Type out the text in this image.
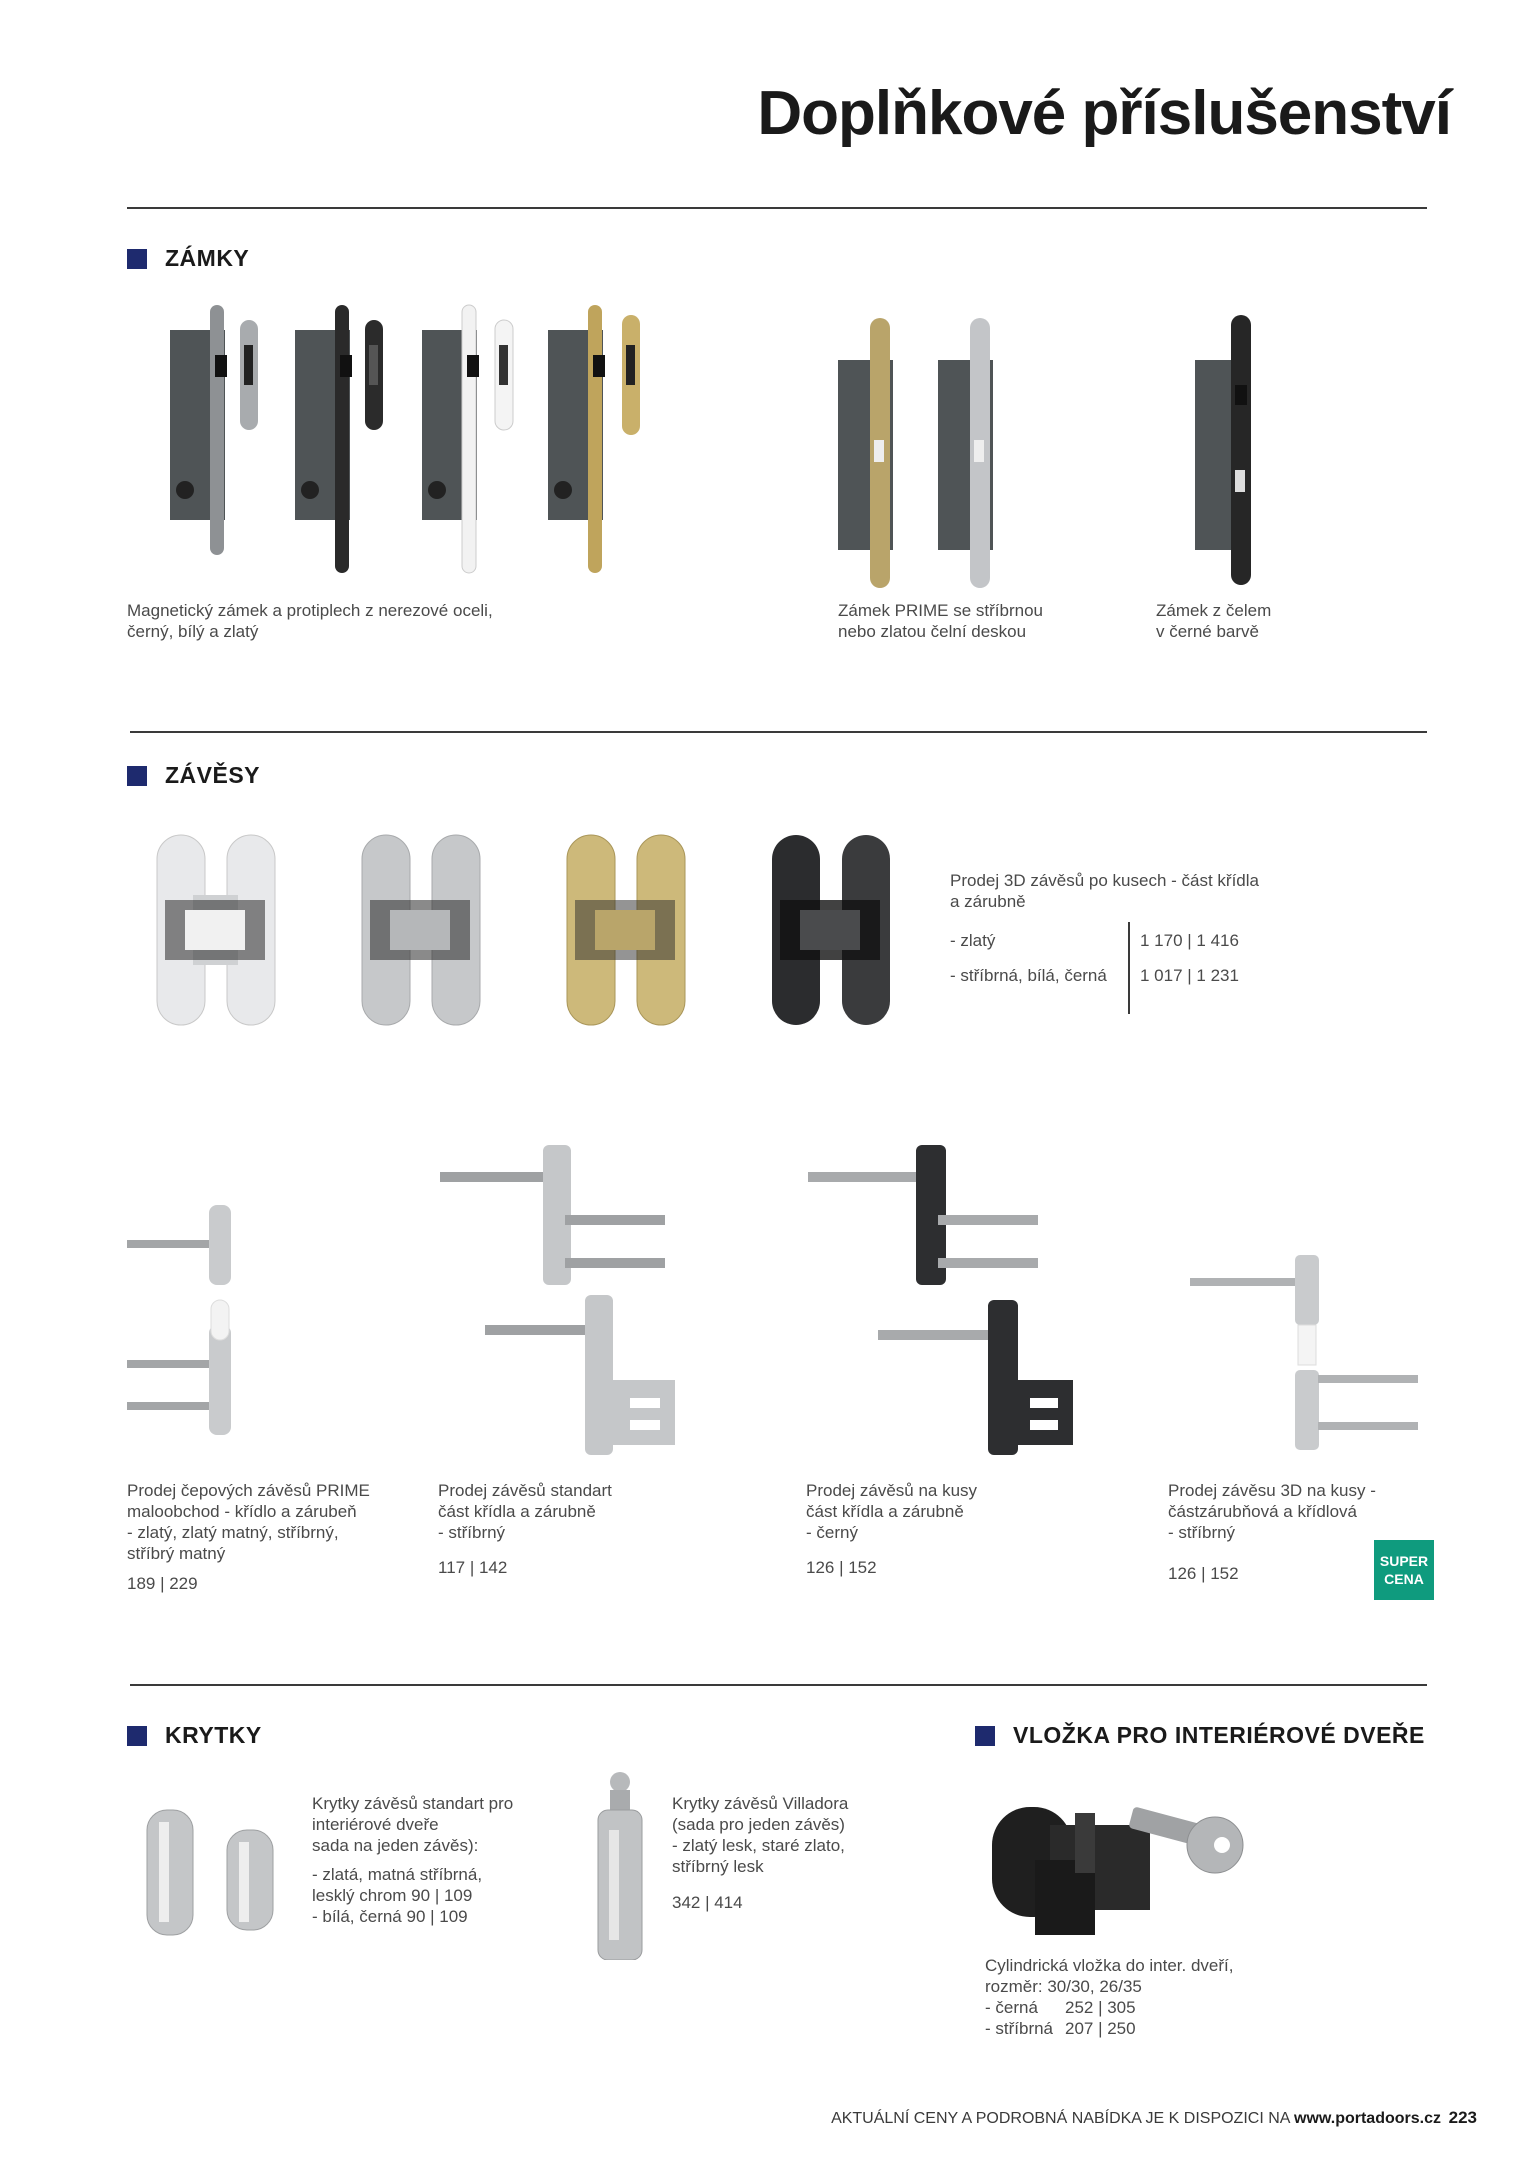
Doplňkové příslušenství
ZÁMKY
Magnetický zámek a protiplech z nerezové oceli,
černý, bílý a zlatý
Zámek PRIME se stříbrnou
nebo zlatou čelní deskou
Zámek z čelem
v černé barvě
ZÁVĚSY
Prodej 3D závěsů po kusech - část křídla
a zárubně
- zlatý	1 170 | 1 416
- stříbrná, bílá, černá 1 017 | 1 231
Prodej čepových závěsů PRIME
maloobchod - křídlo a zárubeň
- zlatý, zlatý matný, stříbrný,
stříbrý matný
189 | 229
Prodej závěsů standart
část křídla a zárubně
- stříbrný
117 | 142
Prodej závěsů na kusy
část křídla a zárubně
- černý
126 | 152
Prodej závěsu 3D na kusy -
částzárubňová a křídlová
- stříbrný
126 | 152
SUPER
CENA
KRYTKY	VLOŽKA PRO INTERIÉROVÉ DVEŘE
Krytky závěsů standart pro
interiérové dveře
sada na jeden závěs):
- zlatá, matná stříbrná,
lesklý chrom 90 | 109
- bílá, černá 90 | 109
Krytky závěsů Villadora
(sada pro jeden závěs)
- zlatý lesk, staré zlato,
stříbrný lesk
342 | 414
Cylindrická vložka do inter. dveří,
rozměr: 30/30, 26/35
- černá 252 | 305
- stříbrná 207 | 250
AKTUÁLNÍ CENY A PODROBNÁ NABÍDKA JE K DISPOZICI NA www.portadoors.cz 223
